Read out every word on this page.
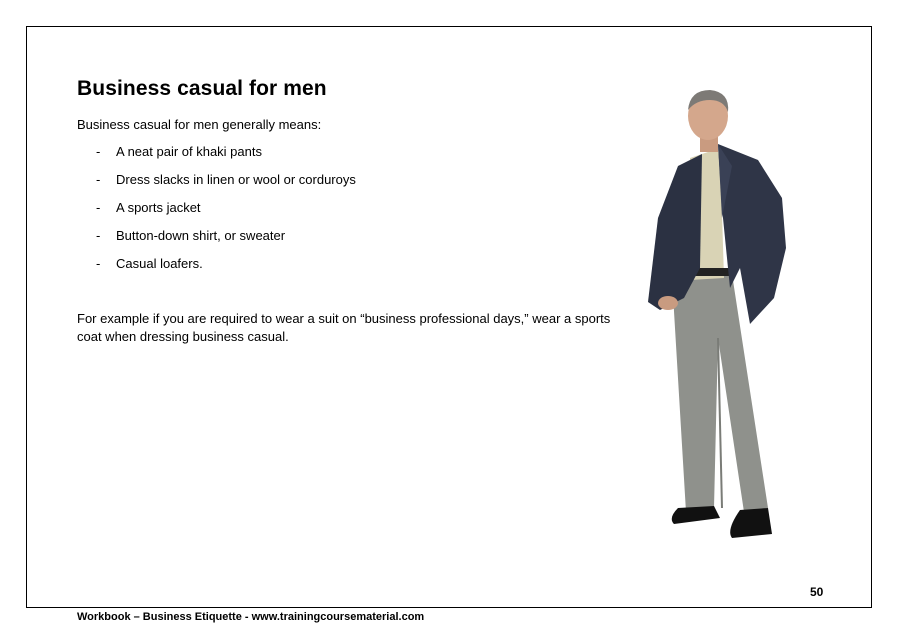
Business casual for men

Business casual for men generally means:

-	A neat pair of khaki pants
-	Dress slacks in linen or wool or corduroys
-	A sports jacket
-	Button-down shirt, or sweater
-	Casual loafers.

For example if you are required to wear a suit on “business professional days,” wear a sports coat when dressing business casual.

50
Workbook – Business Etiquette - www.trainingcoursematerial.com
